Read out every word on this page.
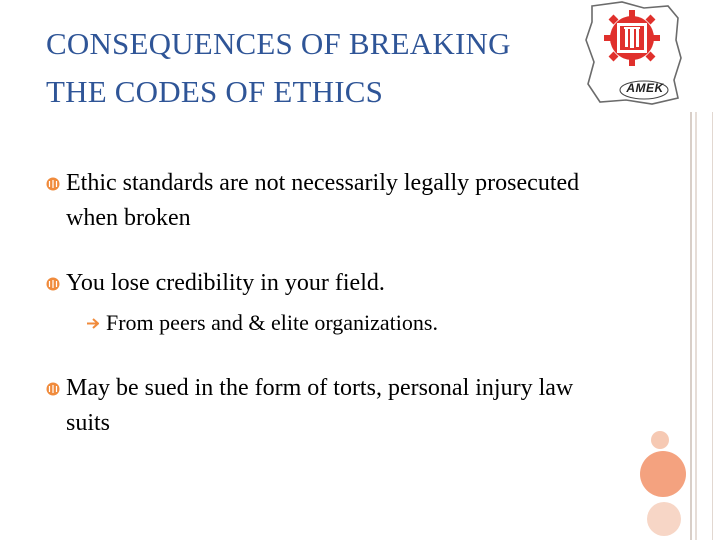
CONSEQUENCES OF BREAKING
THE CODES OF ETHICS	AMEK
Ethic standards are not necessarily legally prosecuted when broken
You lose credibility in your field.
From peers and & elite organizations.
May be sued in the form of torts, personal injury law suits
